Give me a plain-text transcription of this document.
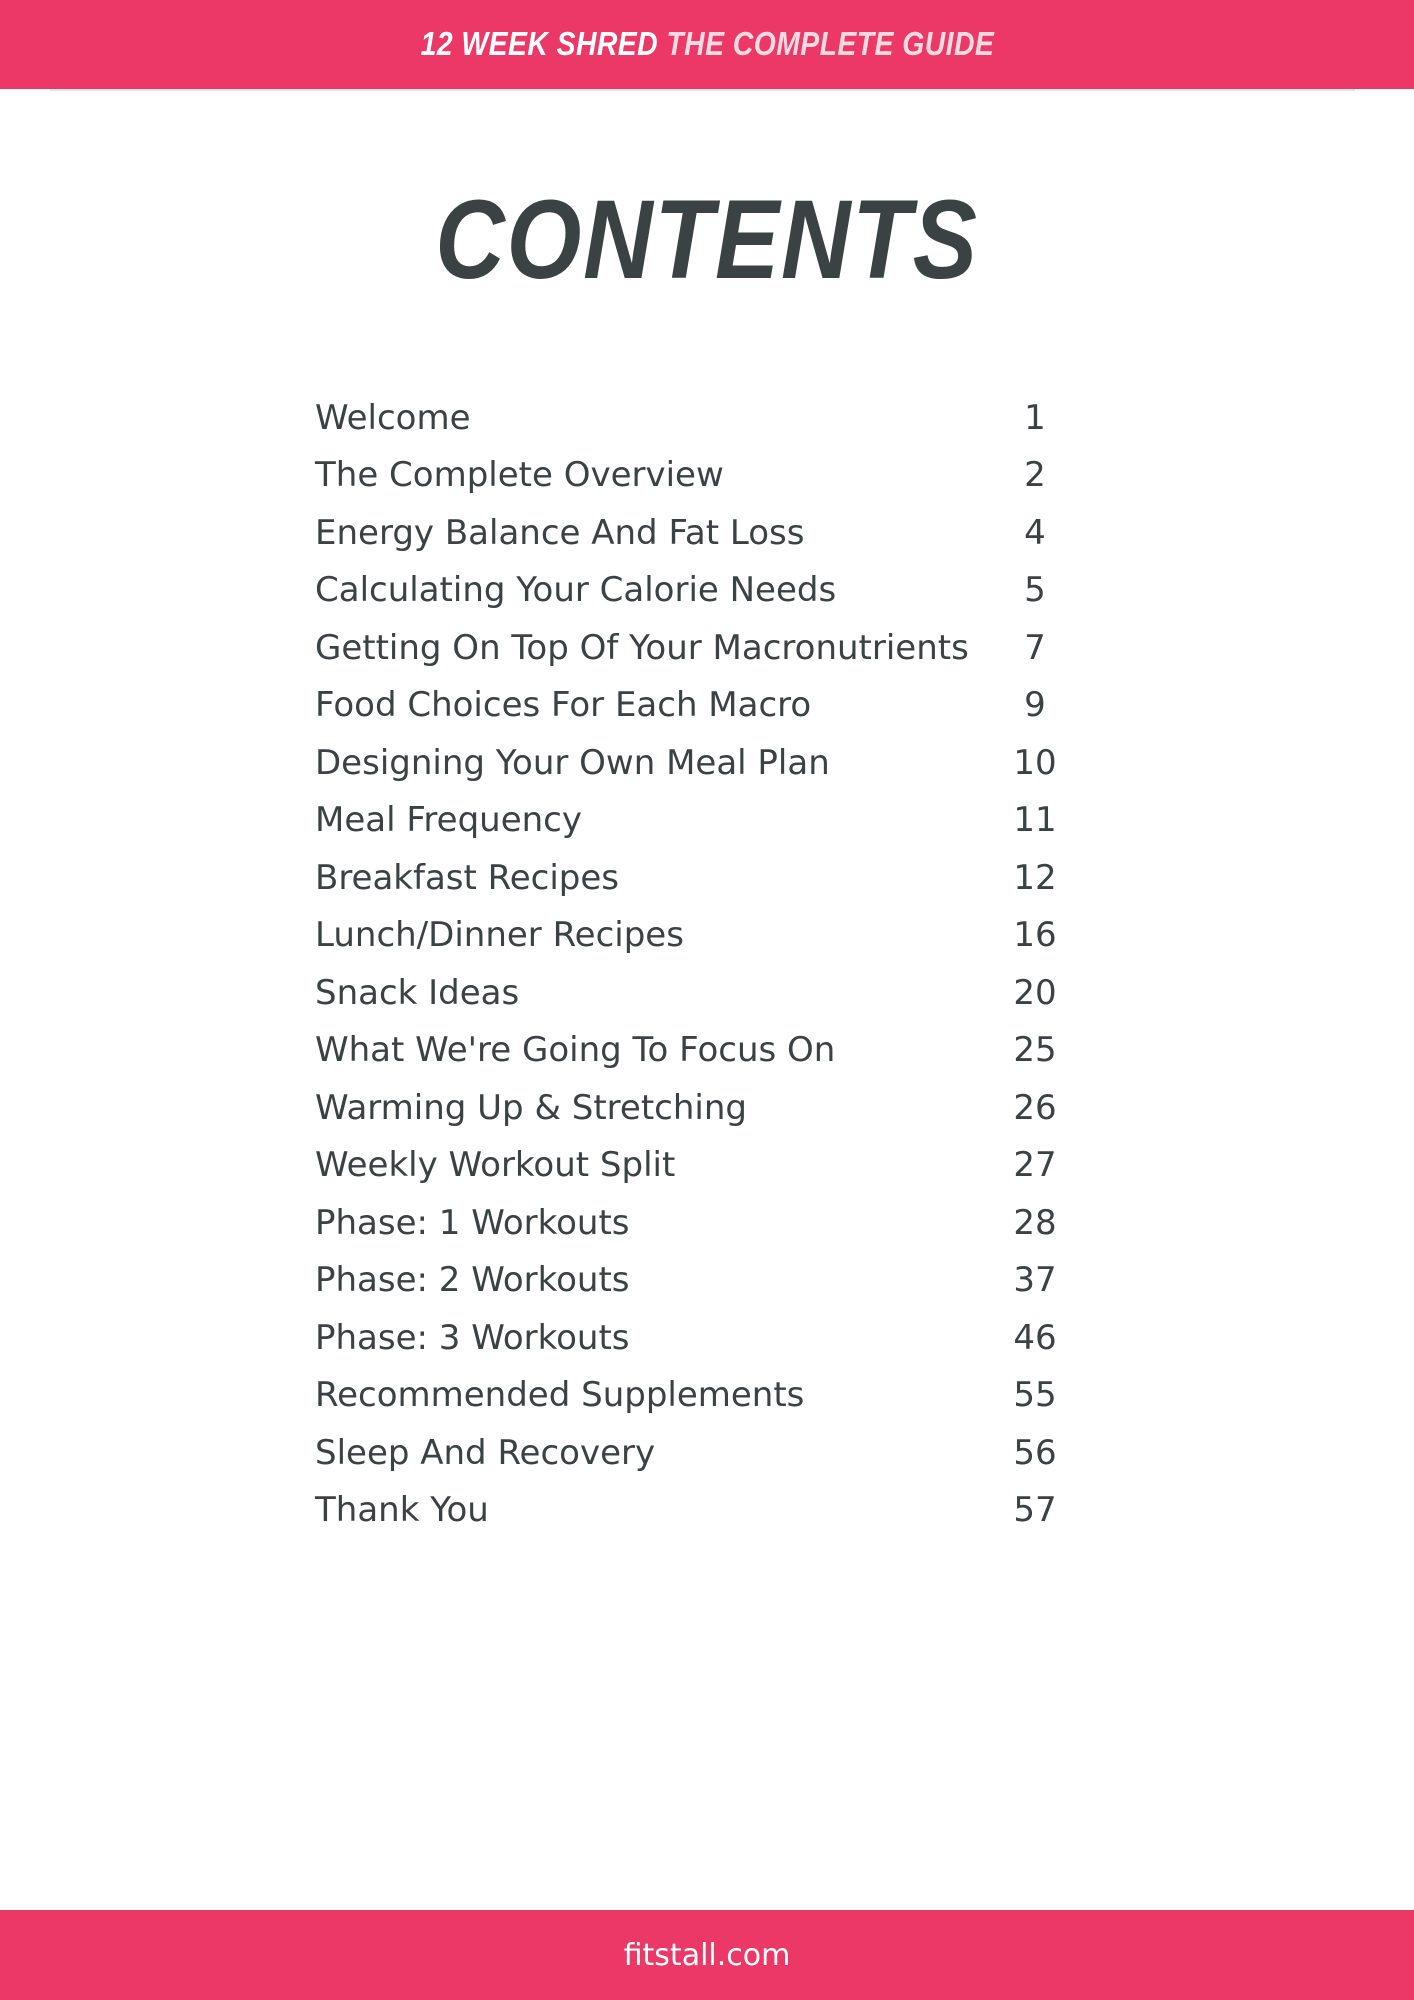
12 WEEK SHRED THE COMPLETE GUIDE
CONTENTS
Welcome	1
The Complete Overview	2
Energy Balance And Fat Loss	4
Calculating Your Calorie Needs	5
Getting On Top Of Your Macronutrients	7
Food Choices For Each Macro	9
Designing Your Own Meal Plan	10
Meal Frequency	11
Breakfast Recipes	12
Lunch/Dinner Recipes	16
Snack Ideas	20
What We're Going To Focus On	25
Warming Up & Stretching	26
Weekly Workout Split	27
Phase: 1 Workouts	28
Phase: 2 Workouts	37
Phase: 3 Workouts	46
Recommended Supplements	55
Sleep And Recovery	56
Thank You	57
fitstall.com
